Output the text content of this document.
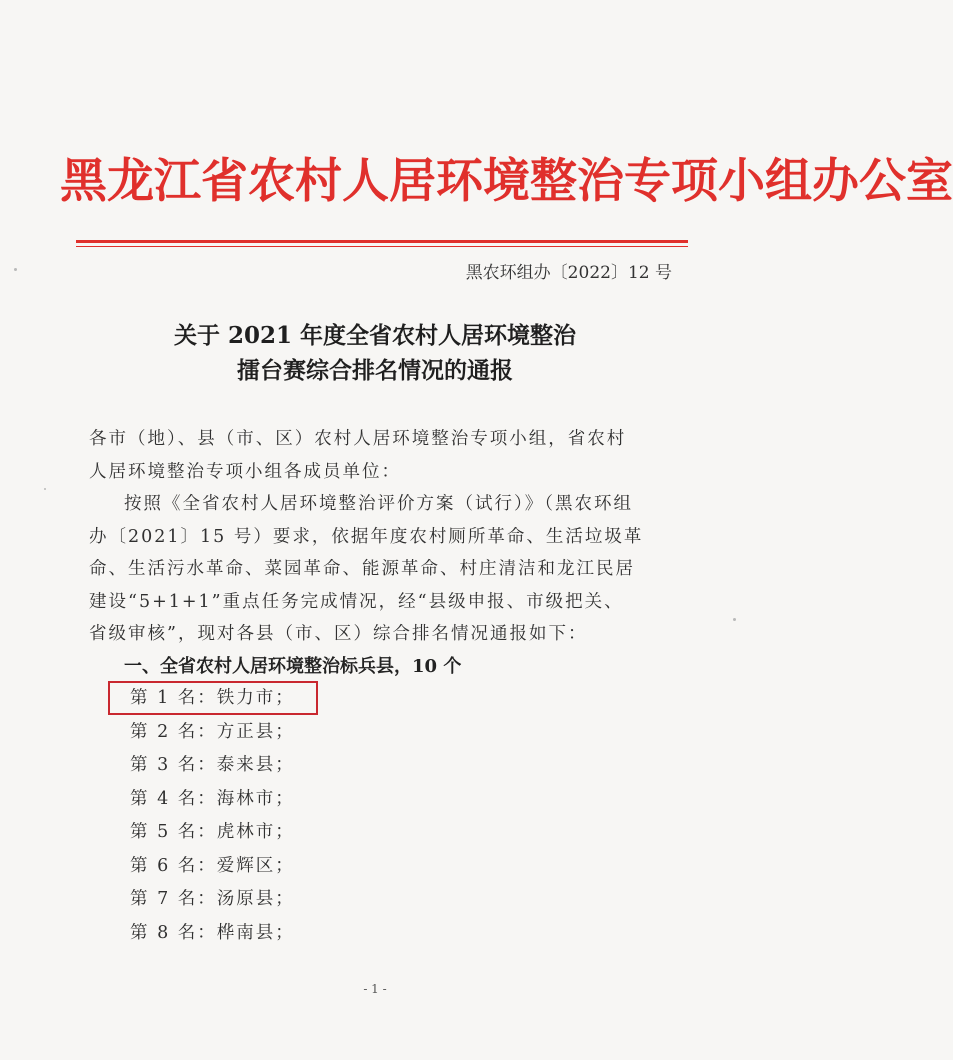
黑龙江省农村人居环境整治专项小组办公室
黑农环组办〔2022〕12 号
关于 2021 年度全省农村人居环境整治
擂台赛综合排名情况的通报

各市（地）、县（市、区）农村人居环境整治专项小组，省农村

人居环境整治专项小组各成员单位：

按照《全省农村人居环境整治评价方案（试行）》（黑农环组

办〔2021〕15 号）要求，依据年度农村厕所革命、生活垃圾革

命、生活污水革命、菜园革命、能源革命、村庄清洁和龙江民居

建设“5+1+1”重点任务完成情况，经“县级申报、市级把关、

省级审核”，现对各县（市、区）综合排名情况通报如下：

一、全省农村人居环境整治标兵县，10 个
第 1 名：铁力市；
第 2 名：方正县；
第 3 名：泰来县；
第 4 名：海林市；
第 5 名：虎林市；
第 6 名：爱辉区；
第 7 名：汤原县；
第 8 名：桦南县；
- 1 -
